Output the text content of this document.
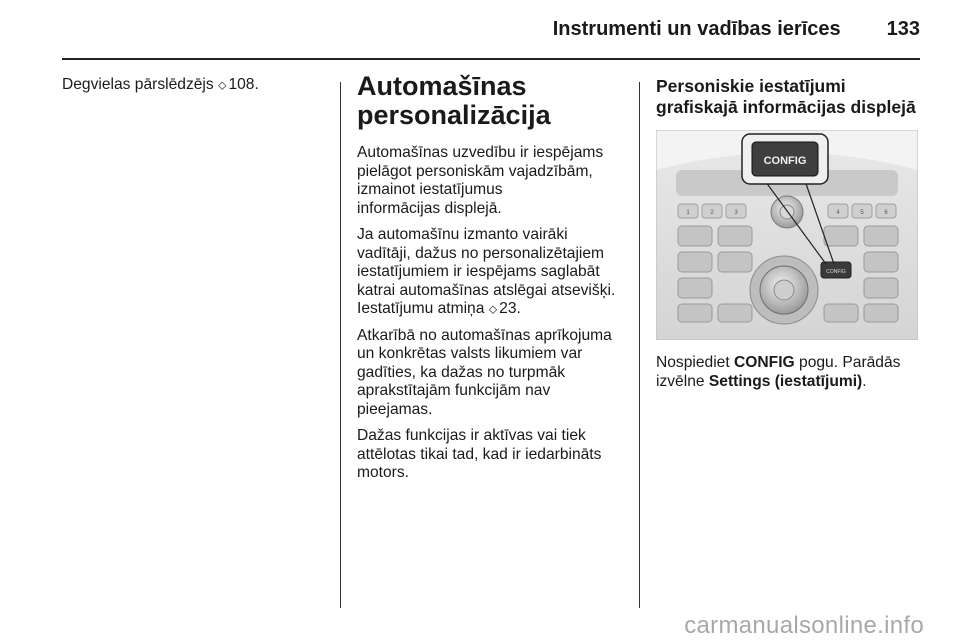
Instrumenti un vadības ierīces 133

Degvielas pārslēdzējs ⬦ 108.	Automašīnas
personalizācija

Automašīnas uzvedību ir iespējams
pielāgot personiskām vajadzībām,
izmainot iestatījumus
informācijas displejā.

Ja automašīnu izmanto vairāki
vadītāji, dažus no personalizētajiem
iestatījumiem ir iespējams saglabāt
katrai automašīnas atslēgai atsevišķi.
Iestatījumu atmiņa ⬦ 23.

Atkarībā no automašīnas aprīkojuma
un konkrētas valsts likumiem var
gadīties, ka dažas no turpmāk
aprakstītajām funkcijām nav
pieejamas.

Dažas funkcijas ir aktīvas vai tiek
attēlotas tikai tad, kad ir iedarbināts
motors.

Personiskie iestatījumi
grafiskajā informācijas displejā
1	2	3	4	5	6
CONFIG
CONFIG

Nospiediet CONFIG pogu. Parādās
izvēlne Settings (iestatījumi).

carmanualsonline.info
